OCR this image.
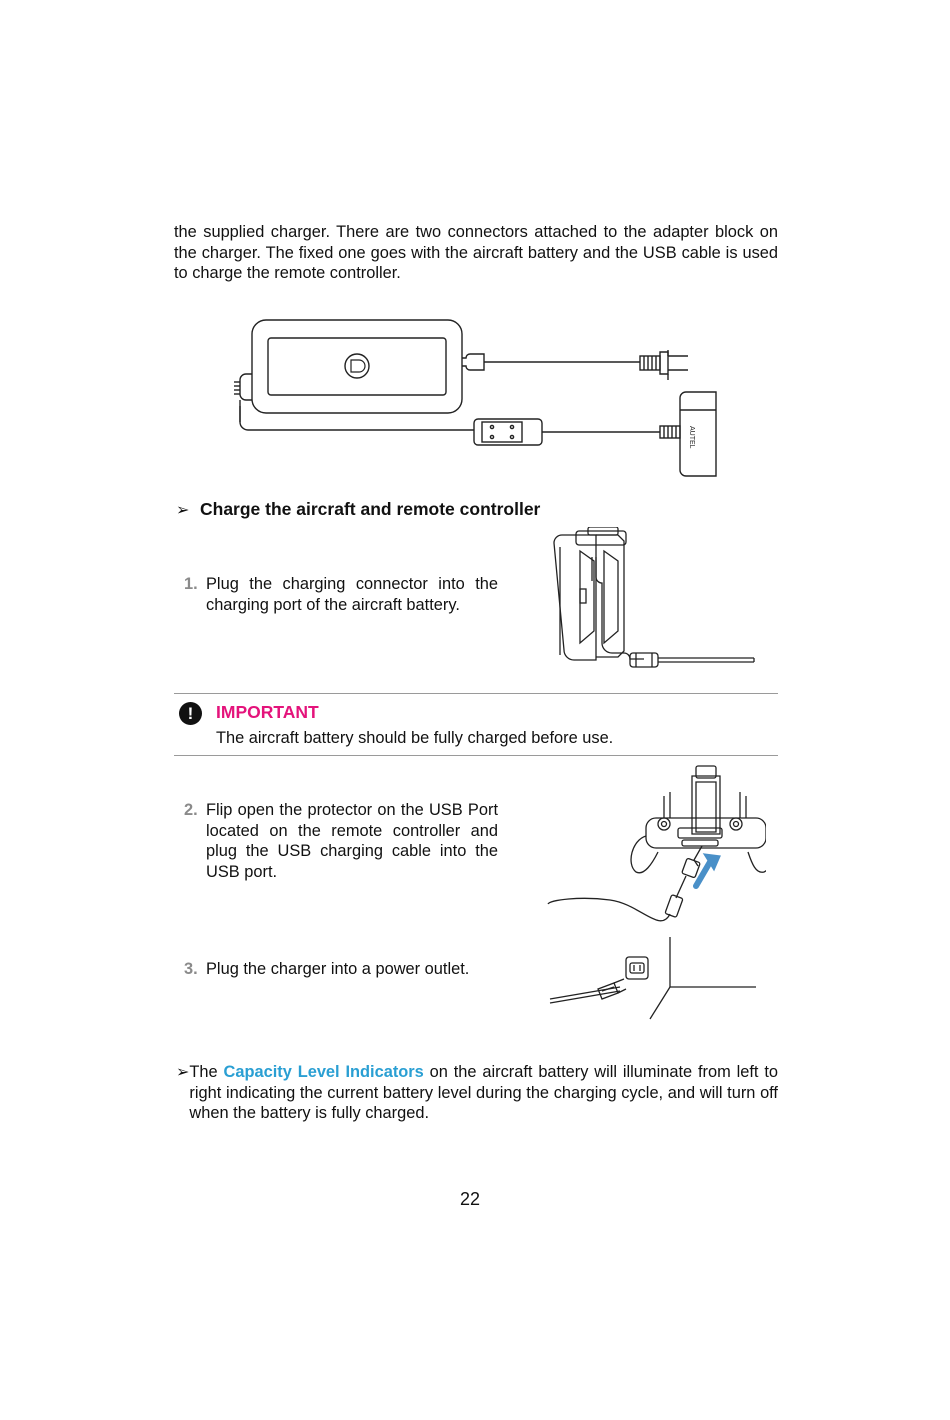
the supplied charger. There are two connectors attached to the adapter block on the charger. The fixed one goes with the aircraft battery and the USB cable is used to charge the remote controller.
AUTEL
➢ Charge the aircraft and remote controller
1. Plug the charging connector into the charging port of the aircraft battery.
!	IMPORTANT
The aircraft battery should be fully charged before use.
2. Flip open the protector on the USB Port located on the remote controller and plug the USB charging cable into the USB port.
3. Plug the charger into a power outlet.
➢ The Capacity Level Indicators on the aircraft battery will illuminate from left to right indicating the current battery level during the charging cycle, and will turn off when the battery is fully charged.
22
